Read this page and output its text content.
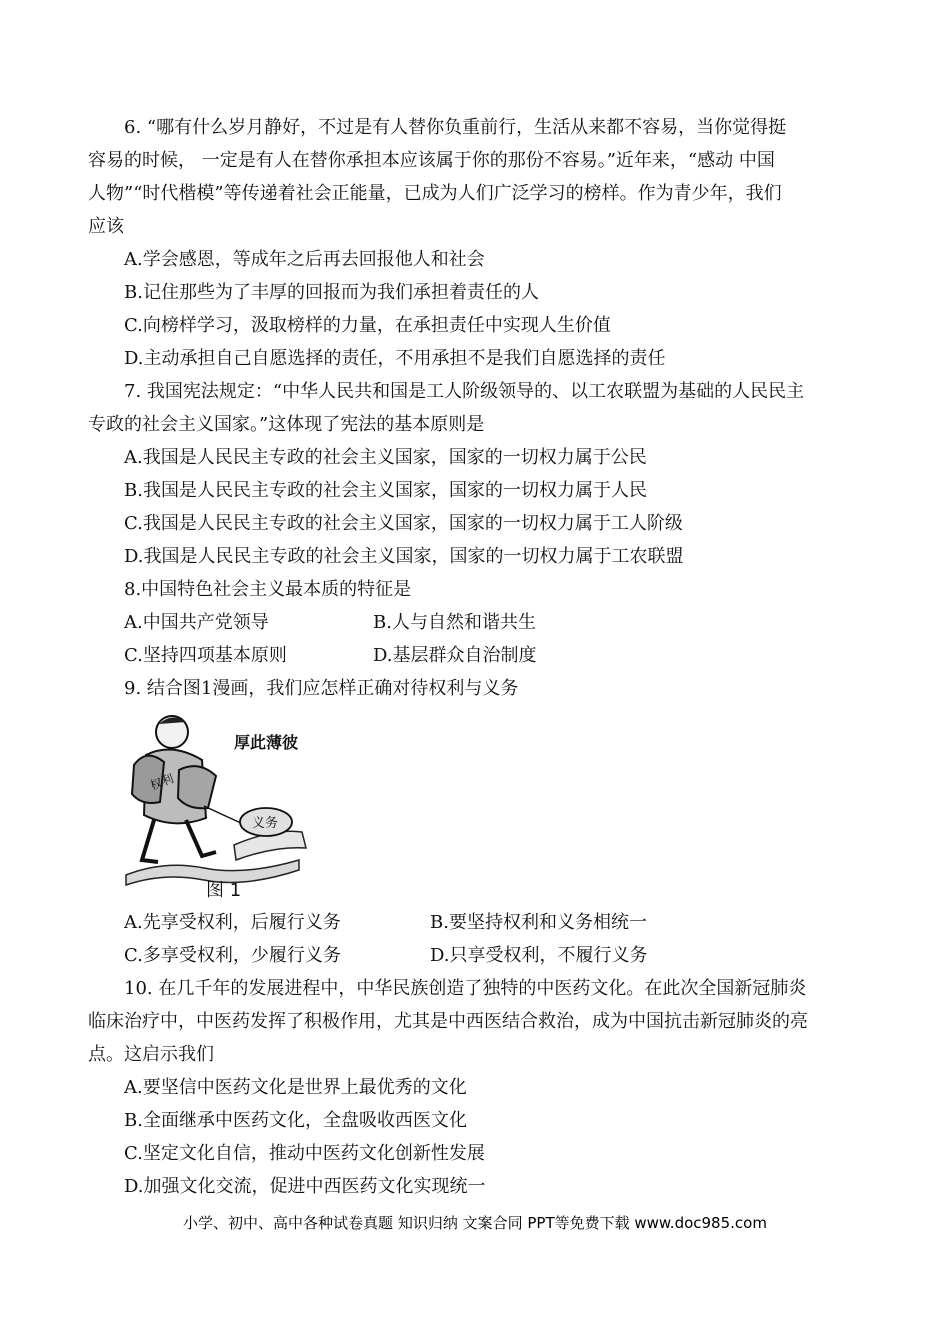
6. “哪有什么岁月静好，不过是有人替你负重前行，生活从来都不容易，当你觉得挺
容易的时候， 一定是有人在替你承担本应该属于你的那份不容易。”近年来，“感动 中国
人物”“时代楷模”等传递着社会正能量，已成为人们广泛学习的榜样。作为青少年，我们
应该
A.学会感恩，等成年之后再去回报他人和社会
B.记住那些为了丰厚的回报而为我们承担着责任的人
C.向榜样学习，汲取榜样的力量，在承担责任中实现人生价值
D.主动承担自己自愿选择的责任，不用承担不是我们自愿选择的责任
7. 我国宪法规定：“中华人民共和国是工人阶级领导的、以工农联盟为基础的人民民主
专政的社会主义国家。”这体现了宪法的基本原则是
A.我国是人民民主专政的社会主义国家，国家的一切权力属于公民
B.我国是人民民主专政的社会主义国家，国家的一切权力属于人民
C.我国是人民民主专政的社会主义国家，国家的一切权力属于工人阶级
D.我国是人民民主专政的社会主义国家，国家的一切权力属于工农联盟
8.中国特色社会主义最本质的特征是
A.中国共产党领导	B.人与自然和谐共生
C.坚持四项基本原则	D.基层群众自治制度
9. 结合图1漫画，我们应怎样正确对待权利与义务
义务
权利
厚此薄彼
图 1
A.先享受权利，后履行义务	B.要坚持权利和义务相统一
C.多享受权利，少履行义务	D.只享受权利，不履行义务
10. 在几千年的发展进程中，中华民族创造了独特的中医药文化。在此次全国新冠肺炎
临床治疗中，中医药发挥了积极作用，尤其是中西医结合救治，成为中国抗击新冠肺炎的亮
点。这启示我们
A.要坚信中医药文化是世界上最优秀的文化
B.全面继承中医药文化，全盘吸收西医文化
C.坚定文化自信，推动中医药文化创新性发展
D.加强文化交流，促进中西医药文化实现统一
小学、初中、高中各种试卷真题 知识归纳 文案合同 PPT等免费下载 www.doc985.com
